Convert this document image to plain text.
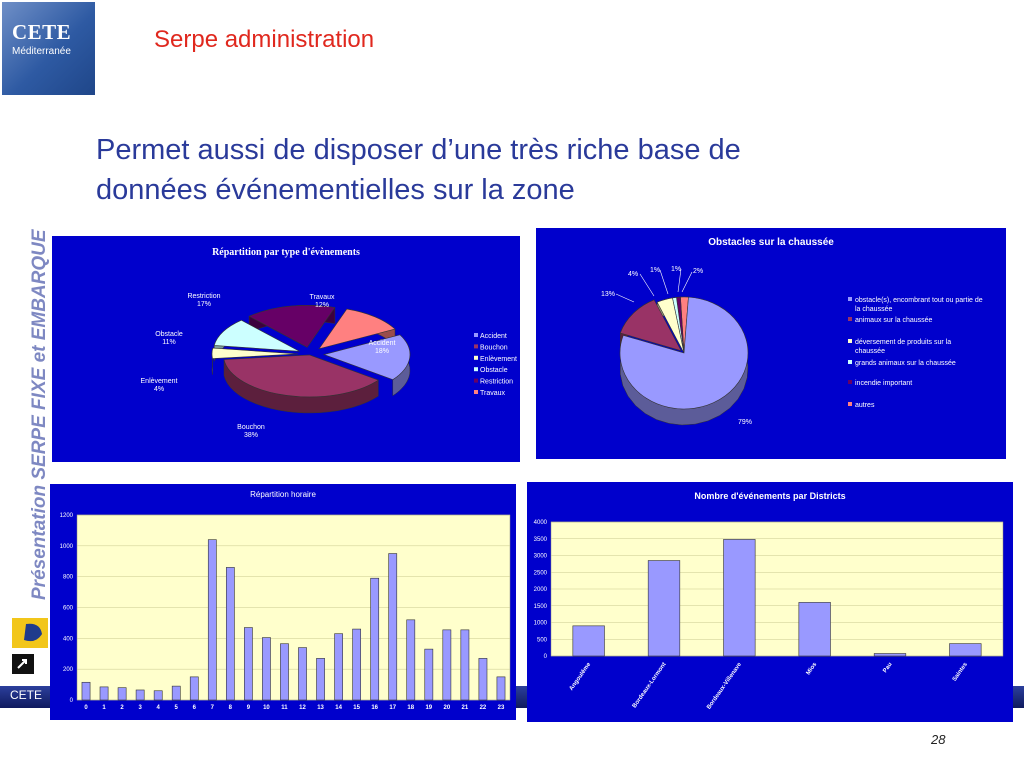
CETE
Méditerranée	Serpe administration
Permet aussi de disposer d’une très riche base de
données événementielles sur la zone
Présentation SERPE FIXE et EMBARQUE
CETE
28
Répartition par type d'évènements
Accident
18%
Bouchon
38%
Enlèvement
4%
Obstacle
11%
Restriction
17%
Travaux
12%
Accident
Bouchon
Enlèvement
Obstacle
Restriction
Travaux
Obstacles sur la chaussée
79%
13%
4%
1% 1% 2%
obstacle(s), encombrant tout ou partie de
la chaussée
animaux sur la chaussée
déversement de produits sur la
chaussée
grands animaux sur la chaussée
incendie important
autres
Répartition horaire
0
200
400
600
800
1000
1200
0 1 2 3 4 5 6 7 8 9 10 11 12 13 14 15 16 17 18 19 20 21 22 23
Nombre d'événements par Districts
0
500
1000
1500
2000
2500
3000
3500
4000
Angoulême	Bordeaux-Lormont	Bordeaux-Villenave	Mios	Pau	Saintes
